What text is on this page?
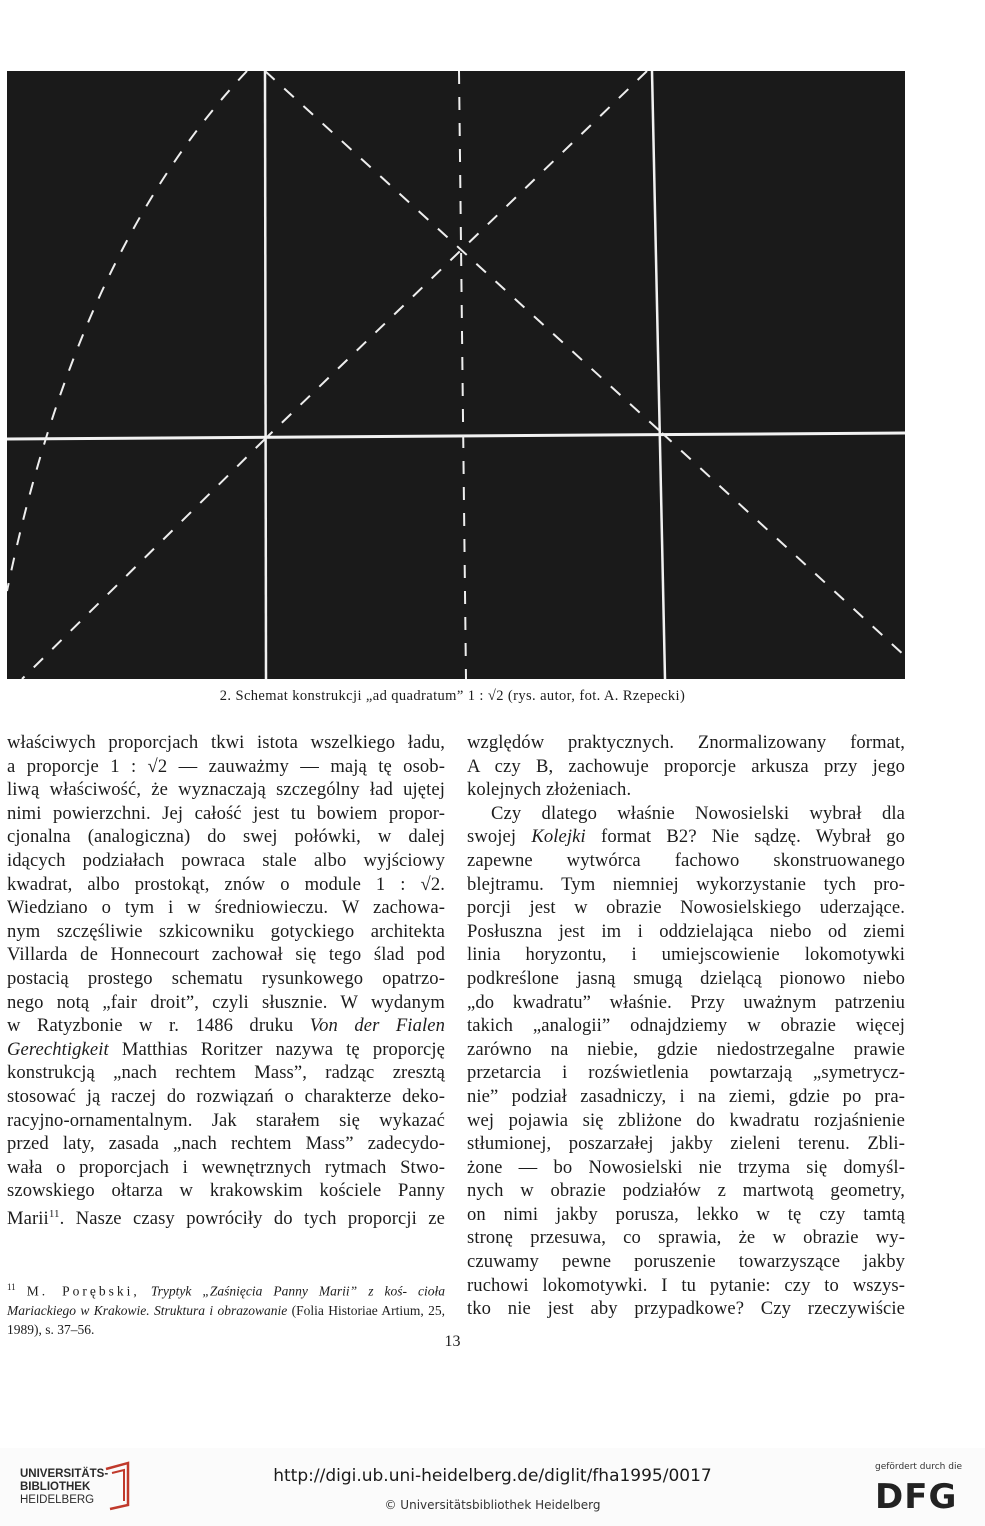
2. Schemat konstrukcji „ad quadratum” 1 : √2 (rys. autor, fot. A. Rzepecki)

właściwych proporcjach tkwi istota wszelkiego ładu,

a proporcje 1 : √2 — zauważmy — mają tę osob-

liwą właściwość, że wyznaczają szczególny ład ujętej

nimi powierzchni. Jej całość jest tu bowiem propor-

cjonalna (analogiczna) do swej połówki, w dalej

idących podziałach powraca stale albo wyjściowy

kwadrat, albo prostokąt, znów o module 1 : √2.

Wiedziano o tym i w średniowieczu. W zachowa-

nym szczęśliwie szkicowniku gotyckiego architekta

Villarda de Honnecourt zachował się tego ślad pod

postacią prostego schematu rysunkowego opatrzo-

nego notą „fair droit”, czyli słusznie. W wydanym

w Ratyzbonie w r. 1486 druku Von der Fialen

Gerechtigkeit Matthias Roritzer nazywa tę proporcję

konstrukcją „nach rechtem Mass”, radząc zresztą

stosować ją raczej do rozwiązań o charakterze deko-

racyjno-ornamentalnym. Jak starałem się wykazać

przed laty, zasada „nach rechtem Mass” zadecydo-

wała o proporcjach i wewnętrznych rytmach Stwo-

szowskiego ołtarza w krakowskim kościele Panny

Marii$^{11}$. Nasze czasy powróciły do tych proporcji ze

$^{11}$ M. Porębski, Tryptyk „Zaśnięcia Panny Marii” z koś- cioła Mariackiego w Krakowie. Struktura i obrazowanie (Folia Historiae Artium, 25, 1989), s. 37–56.

względów praktycznych. Znormalizowany format,

A czy B, zachowuje proporcje arkusza przy jego

kolejnych złożeniach.

Czy dlatego właśnie Nowosielski wybrał dla

swojej Kolejki format B2? Nie sądzę. Wybrał go

zapewne wytwórca fachowo skonstruowanego

blejtramu. Tym niemniej wykorzystanie tych pro-

porcji jest w obrazie Nowosielskiego uderzające.

Posłuszna jest im i oddzielająca niebo od ziemi

linia horyzontu, i umiejscowienie lokomotywki

podkreślone jasną smugą dzielącą pionowo niebo

„do kwadratu” właśnie. Przy uważnym patrzeniu

takich „analogii” odnajdziemy w obrazie więcej

zarówno na niebie, gdzie niedostrzegalne prawie

przetarcia i rozświetlenia powtarzają „symetrycz-

nie” podział zasadniczy, i na ziemi, gdzie po pra-

wej pojawia się zbliżone do kwadratu rozjaśnienie

stłumionej, poszarzałej jakby zieleni terenu. Zbli-

żone — bo Nowosielski nie trzyma się domyśl-

nych w obrazie podziałów z martwotą geometry,

on nimi jakby porusza, lekko w tę czy tamtą

stronę przesuwa, co sprawia, że w obrazie wy-

czuwamy pewne poruszenie towarzyszące jakby

ruchowi lokomotywki. I tu pytanie: czy to wszys-

tko nie jest aby przypadkowe? Czy rzeczywiście

13
UNIVERSITÄTS-
BIBLIOTHEK
HEIDELBERG
http://digi.ub.uni-heidelberg.de/diglit/fha1995/0017
© Universitätsbibliothek Heidelberg
gefördert durch die
DFG
